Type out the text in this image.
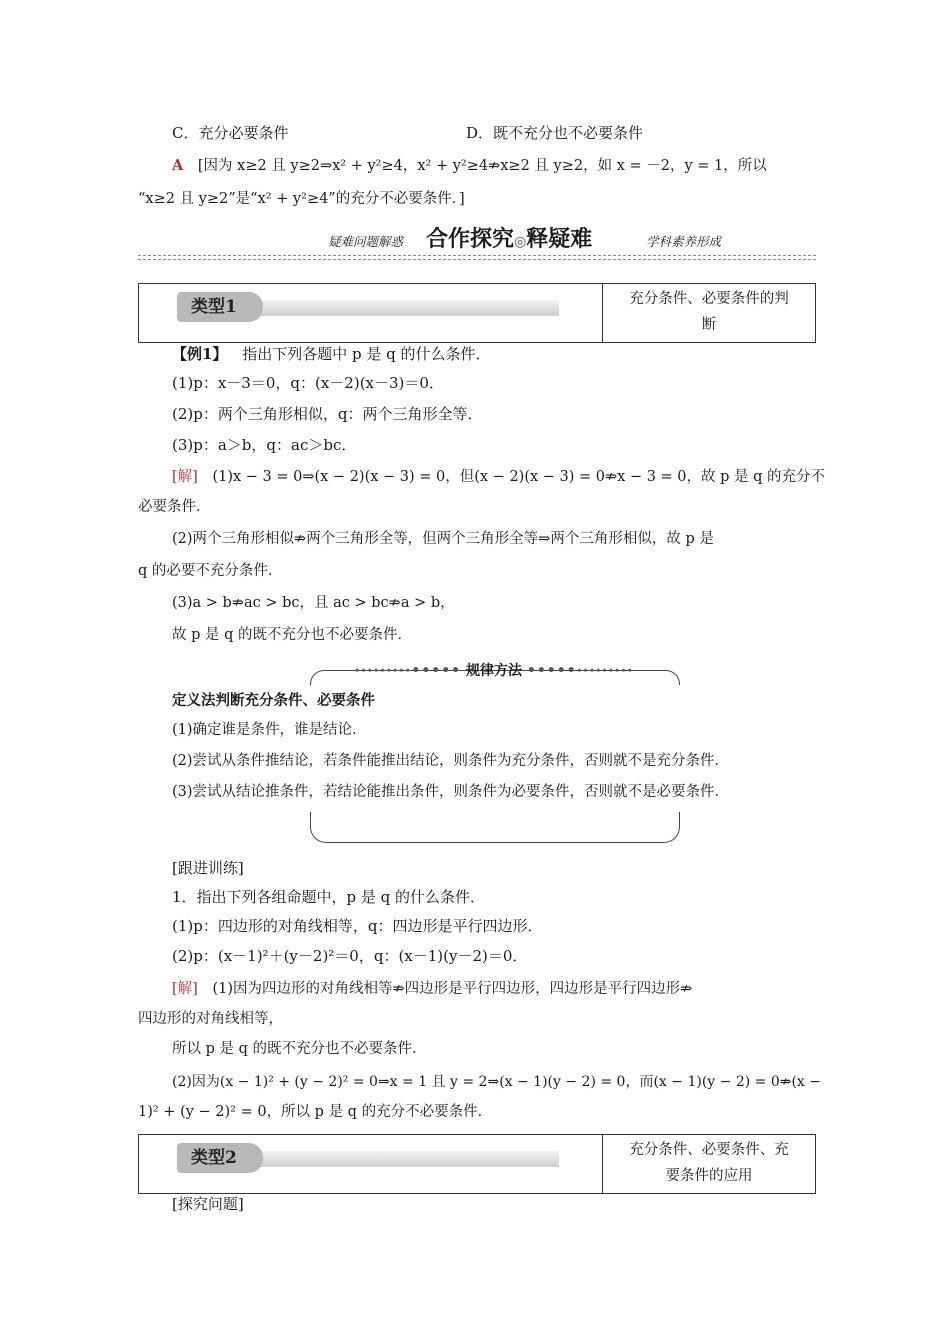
C．充分必要条件	D．既不充分也不必要条件
A [因为 x≥2 且 y≥2⇒x² + y²≥4，x² + y²≥4⇏x≥2 且 y≥2，如 x = －2，y = 1，所以
“x≥2 且 y≥2”是“x² + y²≥4”的充分不必要条件．]
疑难问题解惑 合作探究◎释疑难	学科素养形成
类型1	充分条件、必要条件的判
断
【例1】 指出下列各题中 p 是 q 的什么条件．
(1)p：x－3＝0，q：(x－2)(x－3)＝0．
(2)p：两个三角形相似，q：两个三角形全等．
(3)p：a＞b，q：ac＞bc．
[解] (1)x − 3 = 0⇒(x − 2)(x − 3) = 0，但(x − 2)(x − 3) = 0⇏x − 3 = 0，故 p 是 q 的充分不
必要条件．
(2)两个三角形相似⇏两个三角形全等，但两个三角形全等⇒两个三角形相似，故 p 是
q 的必要不充分条件．
(3)a > b⇏ac > bc，且 ac > bc⇏a > b，
故 p 是 q 的既不充分也不必要条件．
·········••••• 规律方法 •••••·········
定义法判断充分条件、必要条件
(1)确定谁是条件，谁是结论．
(2)尝试从条件推结论，若条件能推出结论，则条件为充分条件，否则就不是充分条件．
(3)尝试从结论推条件，若结论能推出条件，则条件为必要条件，否则就不是必要条件．
[跟进训练]
1．指出下列各组命题中，p 是 q 的什么条件．
(1)p：四边形的对角线相等，q：四边形是平行四边形．
(2)p：(x－1)²＋(y－2)²＝0，q：(x－1)(y－2)＝0．
[解] (1)因为四边形的对角线相等⇏四边形是平行四边形，四边形是平行四边形⇏
四边形的对角线相等，
所以 p 是 q 的既不充分也不必要条件．
(2)因为(x − 1)² + (y − 2)² = 0⇒x = 1 且 y = 2⇒(x − 1)(y − 2) = 0，而(x − 1)(y − 2) = 0⇏(x −
1)² + (y − 2)² = 0，所以 p 是 q 的充分不必要条件．
类型2	充分条件、必要条件、充
要条件的应用
[探究问题]
